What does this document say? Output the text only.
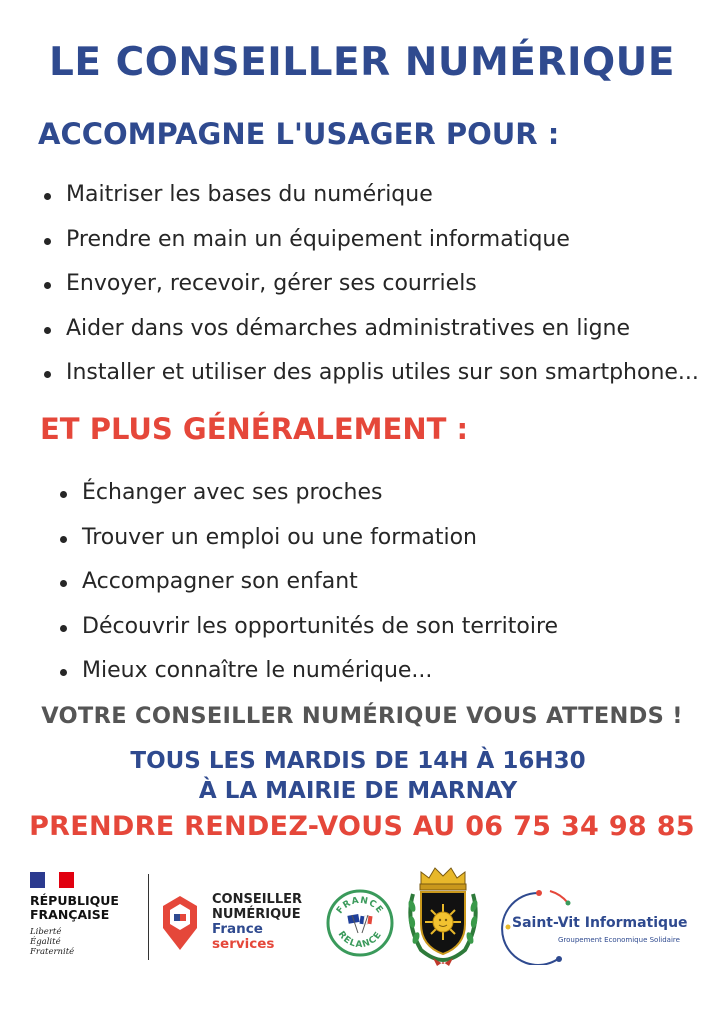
LE CONSEILLER NUMÉRIQUE
ACCOMPAGNE L'USAGER POUR :
Maitriser les bases du numérique
Prendre en main un équipement informatique
Envoyer, recevoir, gérer ses courriels
Aider dans vos démarches administratives en ligne
Installer et utiliser des applis utiles sur son smartphone...
ET PLUS GÉNÉRALEMENT :
Échanger avec ses proches
Trouver un emploi ou une formation
Accompagner son enfant
Découvrir les opportunités de son territoire
Mieux connaître le numérique...
VOTRE CONSEILLER NUMÉRIQUE VOUS ATTENDS !
TOUS LES MARDIS DE 14H À 16H30
À LA MAIRIE DE MARNAY
PRENDRE RENDEZ-VOUS AU 06 75 34 98 85
RÉPUBLIQUE
FRANÇAISE
Liberté
Égalité
Fraternité
CONSEILLER
NUMÉRIQUE
France
services
FRANCE
RELANCE
Saint-Vit Informatique
Groupement Economique Solidaire
